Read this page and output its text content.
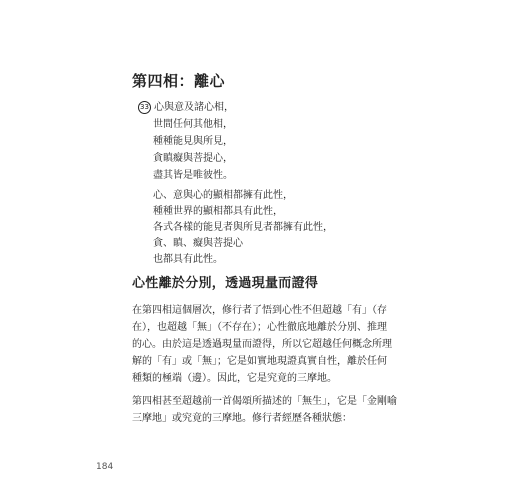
第四相：離心
33 心與意及諸心相，
世間任何其他相，
種種能見與所見，
貪瞋癡與菩提心，
盡其皆是唯彼性。
心、意與心的顯相都擁有此性，
種種世界的顯相都具有此性，
各式各樣的能見者與所見者都擁有此性，
貪、瞋、癡與菩提心
也都具有此性。
心性離於分別，透過現量而證得
在第四相這個層次，修行者了悟到心性不但超越「有」（存
在），也超越「無」（不存在）；心性徹底地離於分別、推理
的心。由於這是透過現量而證得，所以它超越任何概念所理
解的「有」或「無」；它是如實地現證真實自性，離於任何
種類的極端（邊）。因此，它是究竟的三摩地。
第四相甚至超越前一首偈頌所描述的「無生」，它是「金剛喻
三摩地」或究竟的三摩地。修行者經歷各種狀態：
184
